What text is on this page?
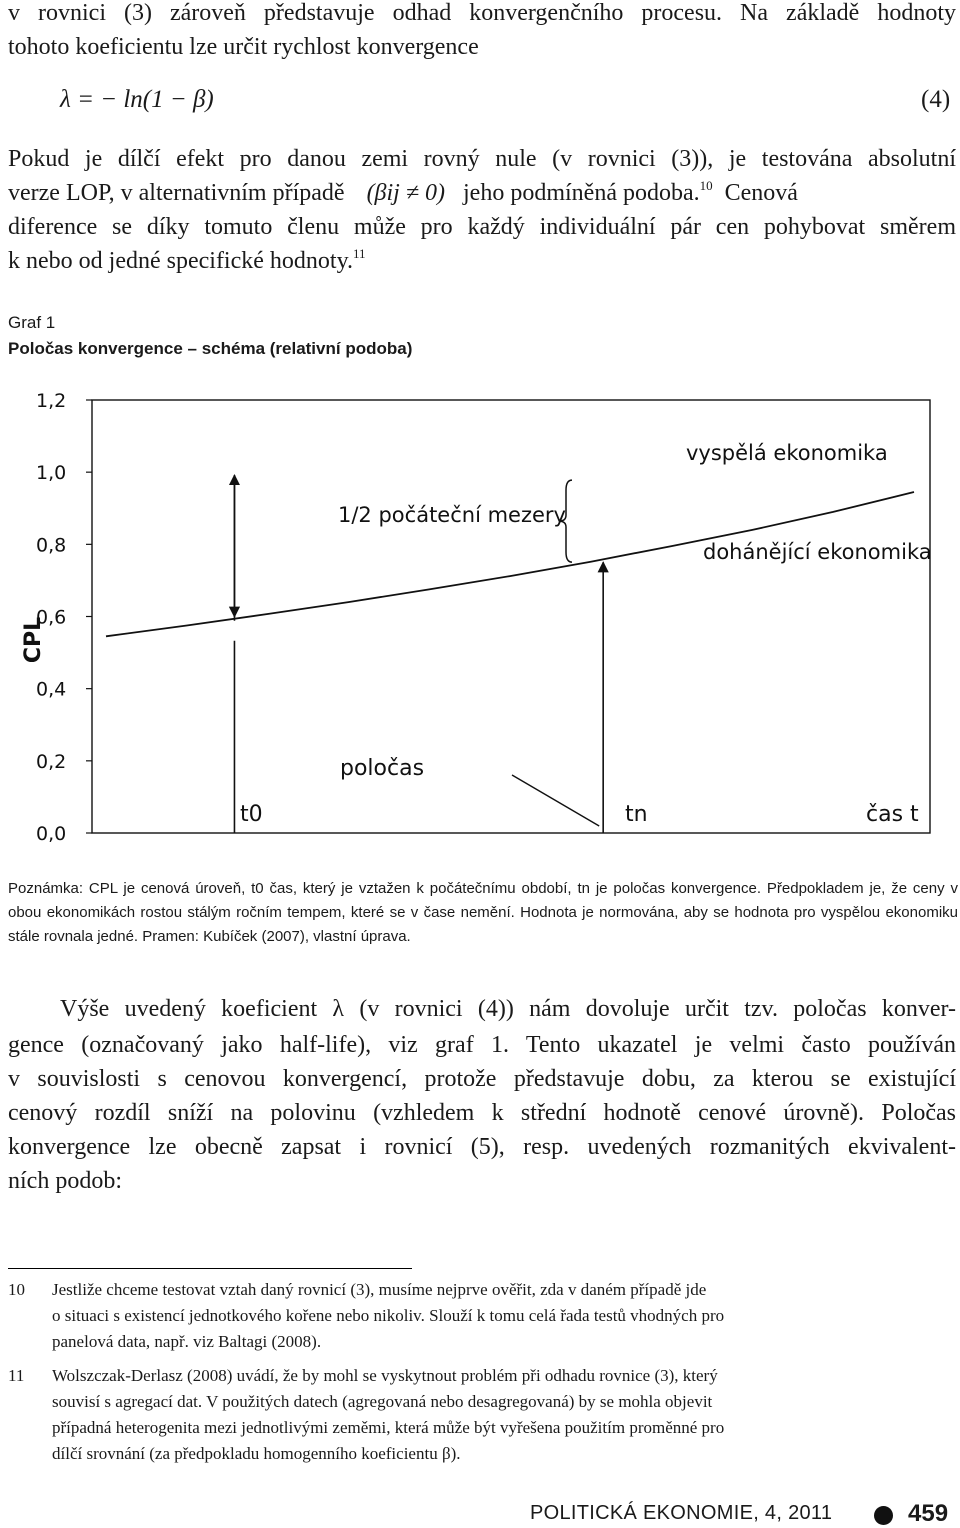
v rovnici (3) zároveň představuje odhad konvergenčního procesu. Na základě hodnoty
tohoto koeficientu lze určit rychlost konvergence
λ = − ln(1 − β)	(4)
Pokud je dílčí efekt pro danou zemi rovný nule (v rovnici (3)), je testována absolutní
verze LOP, v alternativním případě (βij ≠ 0) jeho podmíněná podoba.$^{10}$ Cenová
diference se díky tomuto členu může pro každý individuální pár cen pohybovat směrem
k nebo od jedné specifické hodnoty.$^{11}$
Graf 1
Poločas konvergence – schéma (relativní podoba)
0,0
0,2
0,4
0,6
0,8
1,0
1,2
CPL
vyspělá ekonomika
dohánějící ekonomika
1/2 počáteční mezery
poločas
t0	tn	čas t
Poznámka: CPL je cenová úroveň, t0 čas, který je vztažen k počátečnímu období, tn je poločas konvergence. Předpokladem je, že ceny v obou ekonomikách rostou stálým ročním tempem, které se v čase nemění. Hodnota je normována, aby se hodnota pro vyspělou ekonomiku stále rovnala jedné. Pramen: Kubíček (2007), vlastní úprava.
Výše uvedený koeficient λ (v rovnici (4)) nám dovoluje určit tzv. poločas konver-
gence (označovaný jako half-life), viz graf 1. Tento ukazatel je velmi často používán
v souvislosti s cenovou konvergencí, protože představuje dobu, za kterou se existující
cenový rozdíl sníží na polovinu (vzhledem k střední hodnotě cenové úrovně). Poločas
konvergence lze obecně zapsat i rovnicí (5), resp. uvedených rozmanitých ekvivalent-
ních podob:
10 Jestliže chceme testovat vztah daný rovnicí (3), musíme nejprve ověřit, zda v daném případě jde
o situaci s existencí jednotkového kořene nebo nikoliv. Slouží k tomu celá řada testů vhodných pro
panelová data, např. viz Baltagi (2008).
11 Wolszczak-Derlasz (2008) uvádí, že by mohl se vyskytnout problém při odhadu rovnice (3), který
souvisí s agregací dat. V použitých datech (agregovaná nebo desagregovaná) by se mohla objevit
případná heterogenita mezi jednotlivými zeměmi, která může být vyřešena použitím proměnné pro
dílčí srovnání (za předpokladu homogenního koeficientu β).
POLITICKÁ EKONOMIE, 4, 2011	459
